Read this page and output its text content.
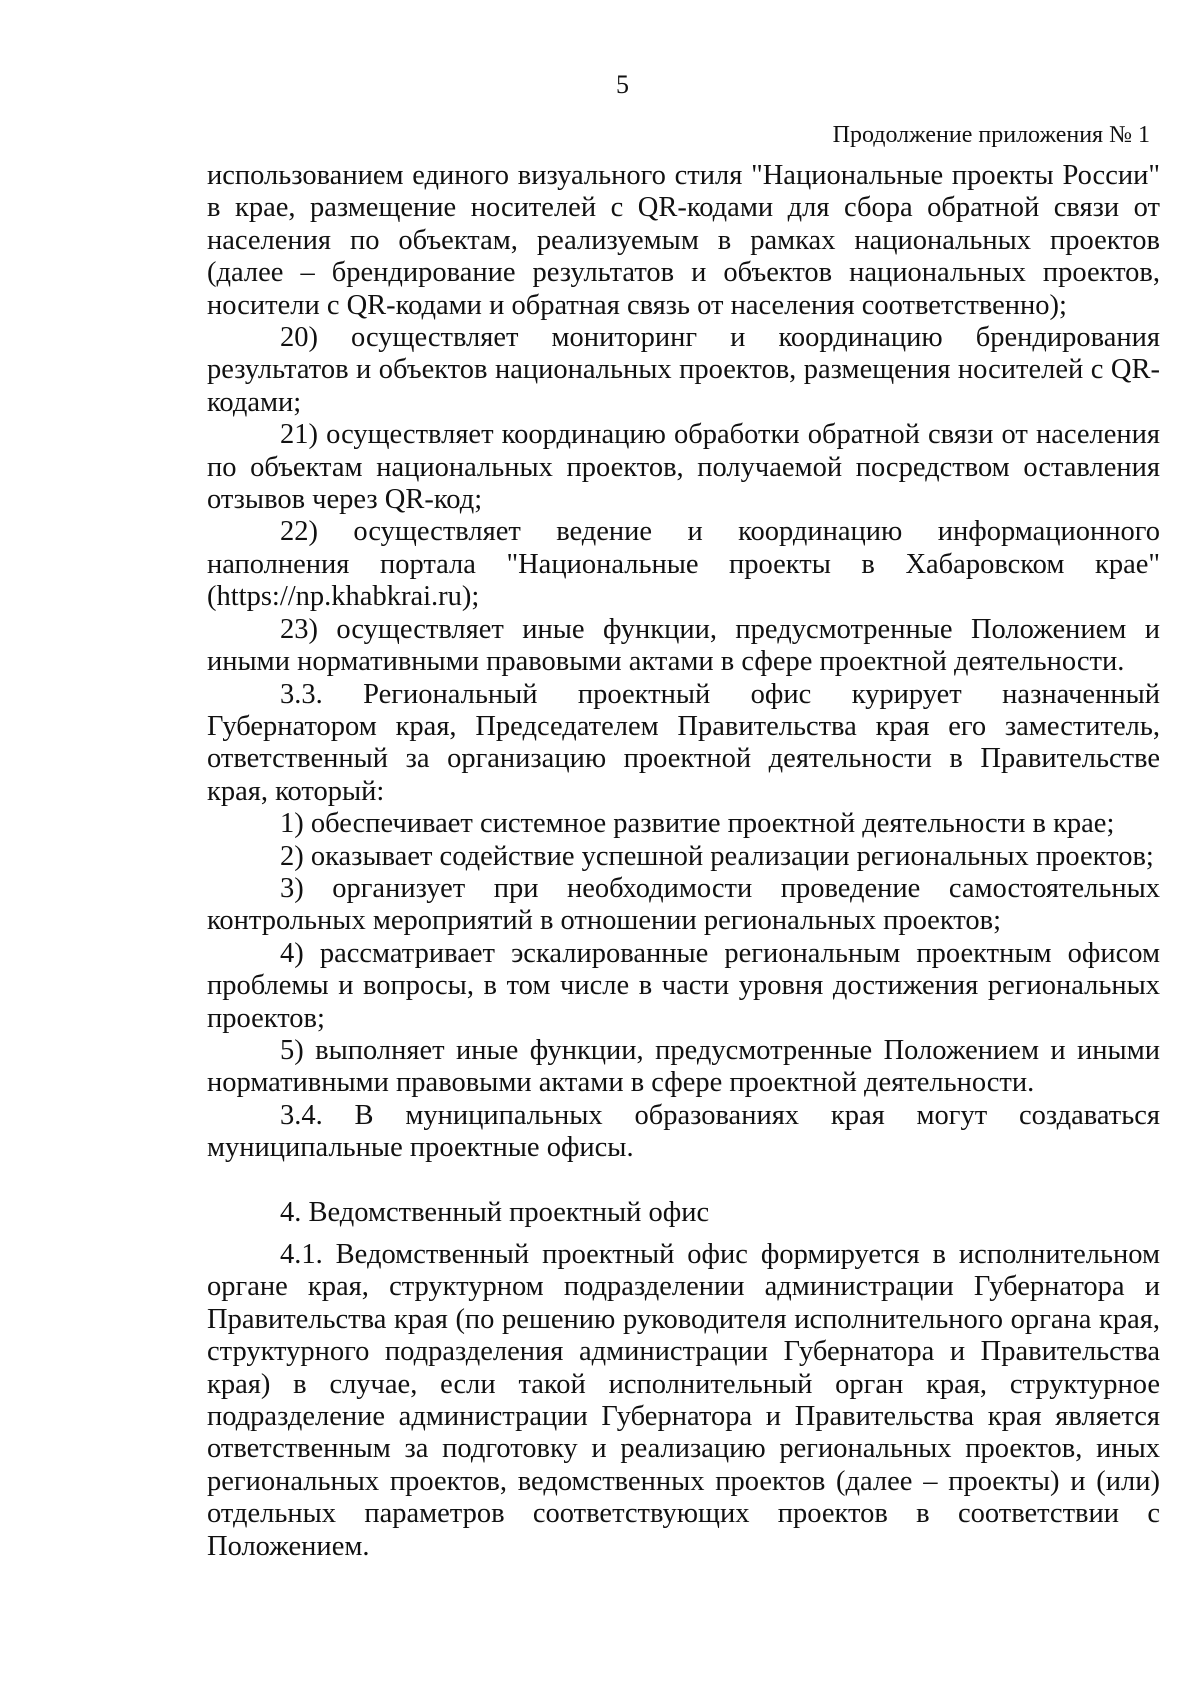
5
Продолжение приложения № 1

использованием единого визуального стиля "Национальные проекты России" в крае, размещение носителей с QR-кодами для сбора обратной связи от населения по объектам, реализуемым в рамках национальных проектов (далее – брендирование результатов и объектов национальных проектов, носители с QR-кодами и обратная связь от населения соответственно);

20) осуществляет мониторинг и координацию брендирования результатов и объектов национальных проектов, размещения носителей с QR-кодами;

21) осуществляет координацию обработки обратной связи от населения по объектам национальных проектов, получаемой посредством оставления отзывов через QR-код;

22) осуществляет ведение и координацию информационного наполнения портала "Национальные проекты в Хабаровском крае" (https://np.khabkrai.ru);

23) осуществляет иные функции, предусмотренные Положением и иными нормативными правовыми актами в сфере проектной деятельности.

3.3. Региональный проектный офис курирует назначенный Губернатором края, Председателем Правительства края его заместитель, ответственный за организацию проектной деятельности в Правительстве края, который:

1) обеспечивает системное развитие проектной деятельности в крае;

2) оказывает содействие успешной реализации региональных проектов;

3) организует при необходимости проведение самостоятельных контрольных мероприятий в отношении региональных проектов;

4) рассматривает эскалированные региональным проектным офисом проблемы и вопросы, в том числе в части уровня достижения региональных проектов;

5) выполняет иные функции, предусмотренные Положением и иными нормативными правовыми актами в сфере проектной деятельности.

3.4. В муниципальных образованиях края могут создаваться муниципальные проектные офисы.

4. Ведомственный проектный офис

4.1. Ведомственный проектный офис формируется в исполнительном органе края, структурном подразделении администрации Губернатора и Правительства края (по решению руководителя исполнительного органа края, структурного подразделения администрации Губернатора и Правительства края) в случае, если такой исполнительный орган края, структурное подразделение администрации Губернатора и Правительства края является ответственным за подготовку и реализацию региональных проектов, иных региональных проектов, ведомственных проектов (далее – проекты) и (или) отдельных параметров соответствующих проектов в соответствии с Положением.
